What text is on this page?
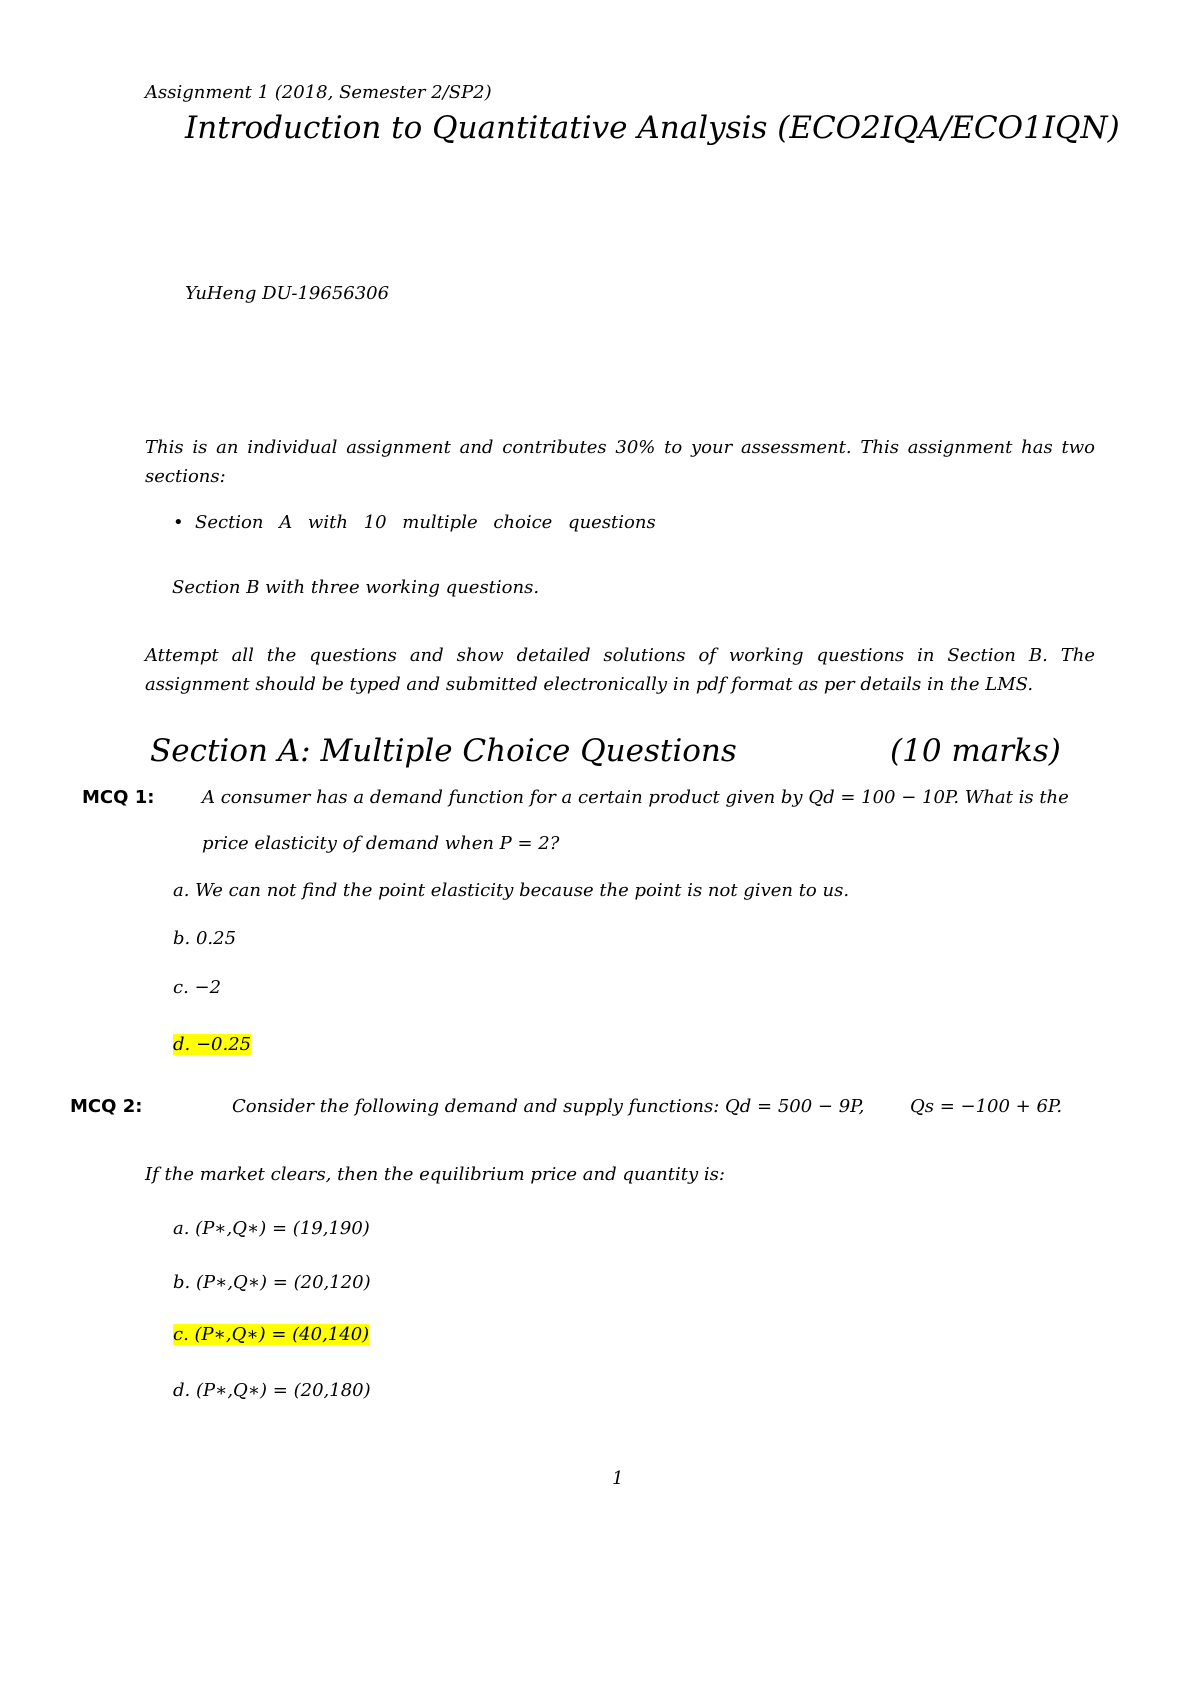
Assignment 1 (2018, Semester 2/SP2)
Introduction to Quantitative Analysis (ECO2IQA/ECO1IQN)
YuHeng DU-19656306
This is an individual assignment and contributes 30% to your assessment. This assignment has two sections:
• Section A with 10 multiple choice questions
Section B with three working questions.
Attempt all the questions and show detailed solutions of working questions in Section B. The assignment should be typed and submitted electronically in pdf format as per details in the LMS.
Section A: Multiple Choice Questions	(10 marks)
MCQ 1:	A consumer has a demand function for a certain product given by Qd = 100 − 10P. What is the
price elasticity of demand when P = 2?
a. We can not find the point elasticity because the point is not given to us.
b. 0.25
c. −2
d. −0.25
MCQ 2:	Consider the following demand and supply functions: Qd = 500 − 9P,	Qs = −100 + 6P.
If the market clears, then the equilibrium price and quantity is:
a. (P∗,Q∗) = (19,190)
b. (P∗,Q∗) = (20,120)
c. (P∗,Q∗) = (40,140)
d. (P∗,Q∗) = (20,180)
1
